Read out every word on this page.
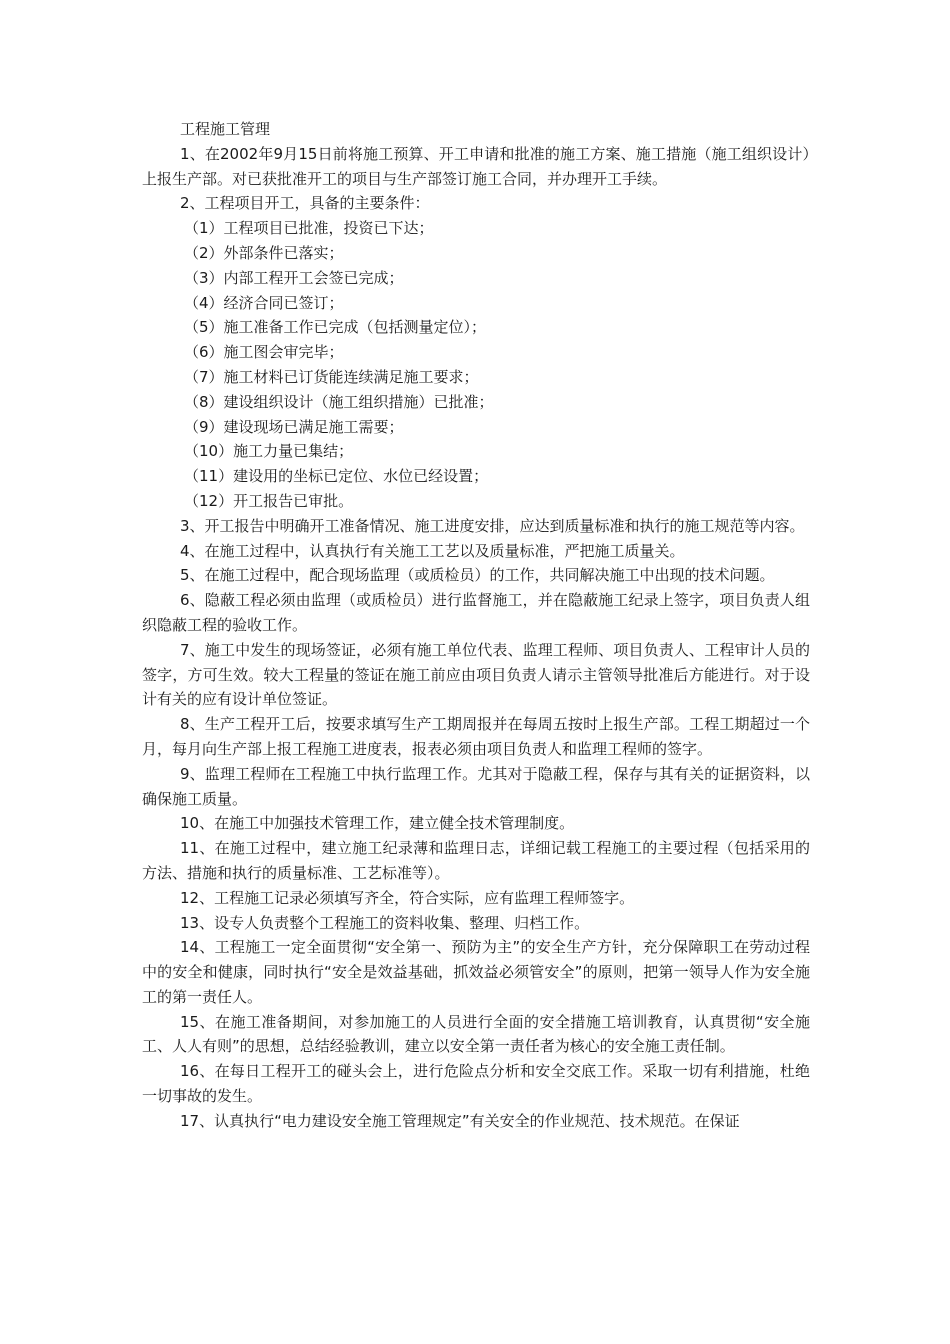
工程施工管理

1、在2002年9月15日前将施工预算、开工申请和批准的施工方案、施工措施（施工组织设计）上报生产部。对已获批准开工的项目与生产部签订施工合同，并办理开工手续。

2、工程项目开工，具备的主要条件：

（1）工程项目已批准，投资已下达；

（2）外部条件已落实；

（3）内部工程开工会签已完成；

（4）经济合同已签订；

（5）施工准备工作已完成（包括测量定位）；

（6）施工图会审完毕；

（7）施工材料已订货能连续满足施工要求；

（8）建设组织设计（施工组织措施）已批准；

（9）建设现场已满足施工需要；

（10）施工力量已集结；

（11）建设用的坐标已定位、水位已经设置；

（12）开工报告已审批。

3、开工报告中明确开工准备情况、施工进度安排，应达到质量标准和执行的施工规范等内容。

4、在施工过程中，认真执行有关施工工艺以及质量标准，严把施工质量关。

5、在施工过程中，配合现场监理（或质检员）的工作，共同解决施工中出现的技术问题。

6、隐蔽工程必须由监理（或质检员）进行监督施工，并在隐蔽施工纪录上签字，项目负责人组织隐蔽工程的验收工作。

7、施工中发生的现场签证，必须有施工单位代表、监理工程师、项目负责人、工程审计人员的签字，方可生效。较大工程量的签证在施工前应由项目负责人请示主管领导批准后方能进行。对于设计有关的应有设计单位签证。

8、生产工程开工后，按要求填写生产工期周报并在每周五按时上报生产部。工程工期超过一个月，每月向生产部上报工程施工进度表，报表必须由项目负责人和监理工程师的签字。

9、监理工程师在工程施工中执行监理工作。尤其对于隐蔽工程，保存与其有关的证据资料，以确保施工质量。

10、在施工中加强技术管理工作，建立健全技术管理制度。

11、在施工过程中，建立施工纪录薄和监理日志，详细记载工程施工的主要过程（包括采用的方法、措施和执行的质量标准、工艺标准等）。

12、工程施工记录必须填写齐全，符合实际，应有监理工程师签字。

13、设专人负责整个工程施工的资料收集、整理、归档工作。

14、工程施工一定全面贯彻“安全第一、预防为主”的安全生产方针，充分保障职工在劳动过程中的安全和健康，同时执行“安全是效益基础，抓效益必须管安全”的原则，把第一领导人作为安全施工的第一责任人。

15、在施工准备期间，对参加施工的人员进行全面的安全措施工培训教育，认真贯彻“安全施工、人人有则”的思想，总结经验教训，建立以安全第一责任者为核心的安全施工责任制。

16、在每日工程开工的碰头会上，进行危险点分析和安全交底工作。采取一切有利措施，杜绝一切事故的发生。

17、认真执行“电力建设安全施工管理规定”有关安全的作业规范、技术规范。在保证
